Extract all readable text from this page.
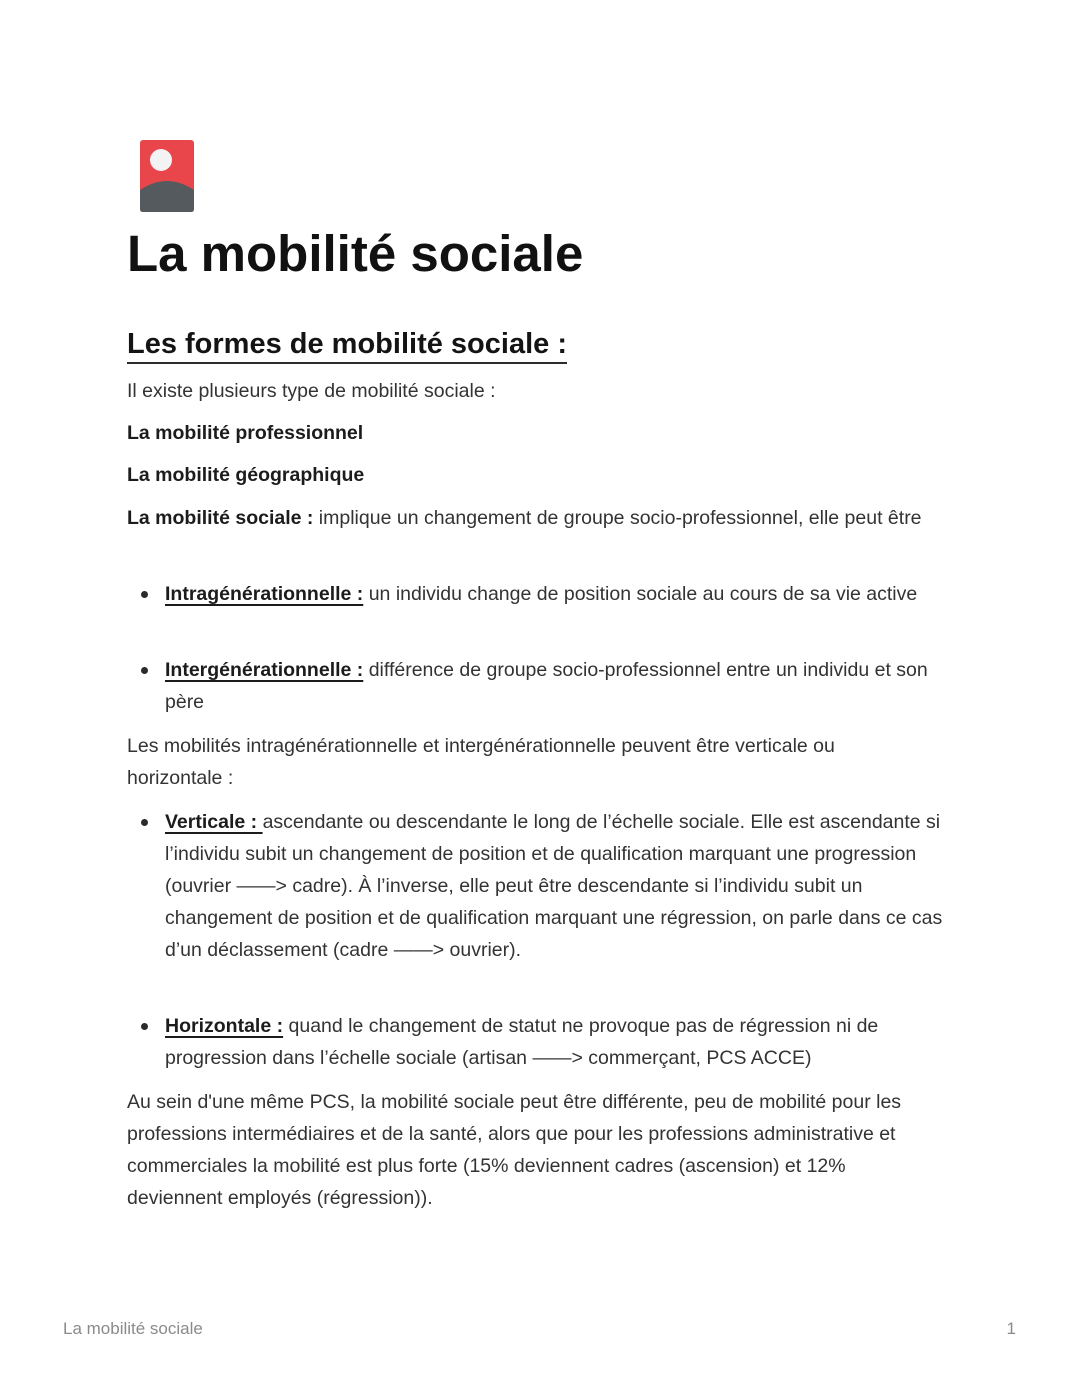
La mobilité sociale
Les formes de mobilité sociale :

Il existe plusieurs type de mobilité sociale :

La mobilité professionnel

La mobilité géographique

La mobilité sociale : implique un changement de groupe socio-professionnel, elle peut être

Intragénérationnelle : un individu change de position sociale au cours de sa vie active
Intergénérationnelle : différence de groupe socio-professionnel entre un individu et son père

Les mobilités intragénérationnelle et intergénérationnelle peuvent être verticale ou horizontale :

Verticale : ascendante ou descendante le long de l’échelle sociale. Elle est ascendante si l’individu subit un changement de position et de qualification marquant une progression (ouvrier ——> cadre). À l’inverse, elle peut être descendante si l’individu subit un changement de position et de qualification marquant une régression, on parle dans ce cas d’un déclassement (cadre ——> ouvrier).
Horizontale : quand le changement de statut ne provoque pas de régression ni de progression dans l’échelle sociale (artisan ——> commerçant, PCS ACCE)

Au sein d'une même PCS, la mobilité sociale peut être différente, peu de mobilité pour les professions intermédiaires et de la santé, alors que pour les professions administrative et commerciales la mobilité est plus forte (15% deviennent cadres (ascension) et 12% deviennent employés (régression)).

La mobilité sociale	1
